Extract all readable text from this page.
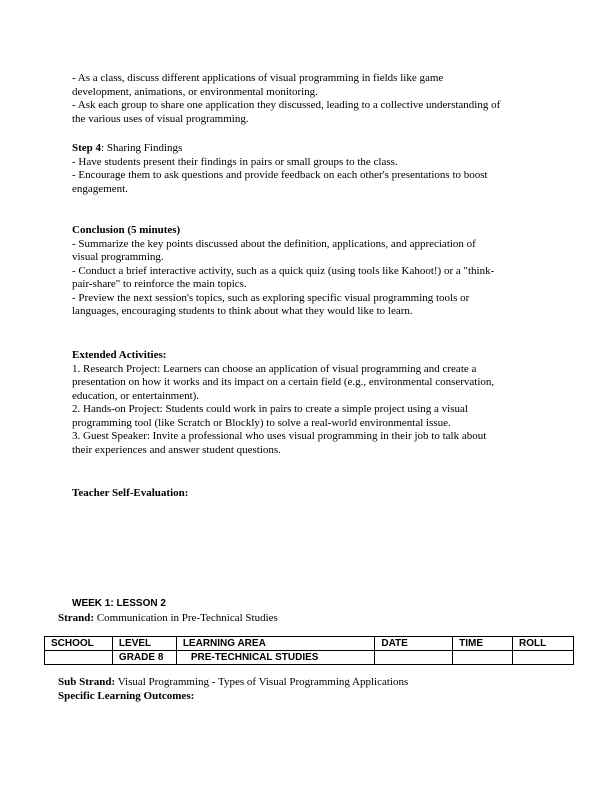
- As a class, discuss different applications of visual programming in fields like game
development, animations, or environmental monitoring.
- Ask each group to share one application they discussed, leading to a collective understanding of
the various uses of visual programming.
Step 4: Sharing Findings
- Have students present their findings in pairs or small groups to the class.
- Encourage them to ask questions and provide feedback on each other's presentations to boost
engagement.
Conclusion (5 minutes)
- Summarize the key points discussed about the definition, applications, and appreciation of
visual programming.
- Conduct a brief interactive activity, such as a quick quiz (using tools like Kahoot!) or a "think-
pair-share" to reinforce the main topics.
- Preview the next session's topics, such as exploring specific visual programming tools or
languages, encouraging students to think about what they would like to learn.
Extended Activities:
1. Research Project: Learners can choose an application of visual programming and create a
presentation on how it works and its impact on a certain field (e.g., environmental conservation,
education, or entertainment).
2. Hands-on Project: Students could work in pairs to create a simple project using a visual
programming tool (like Scratch or Blockly) to solve a real-world environmental issue.
3. Guest Speaker: Invite a professional who uses visual programming in their job to talk about
their experiences and answer student questions.
Teacher Self-Evaluation:
WEEK 1: LESSON 2
Strand: Communication in Pre-Technical Studies
SCHOOL	LEVEL	LEARNING AREA	DATE	TIME	ROLL
	GRADE 8	PRE-TECHNICAL STUDIES			
Sub Strand: Visual Programming - Types of Visual Programming Applications
Specific Learning Outcomes:
